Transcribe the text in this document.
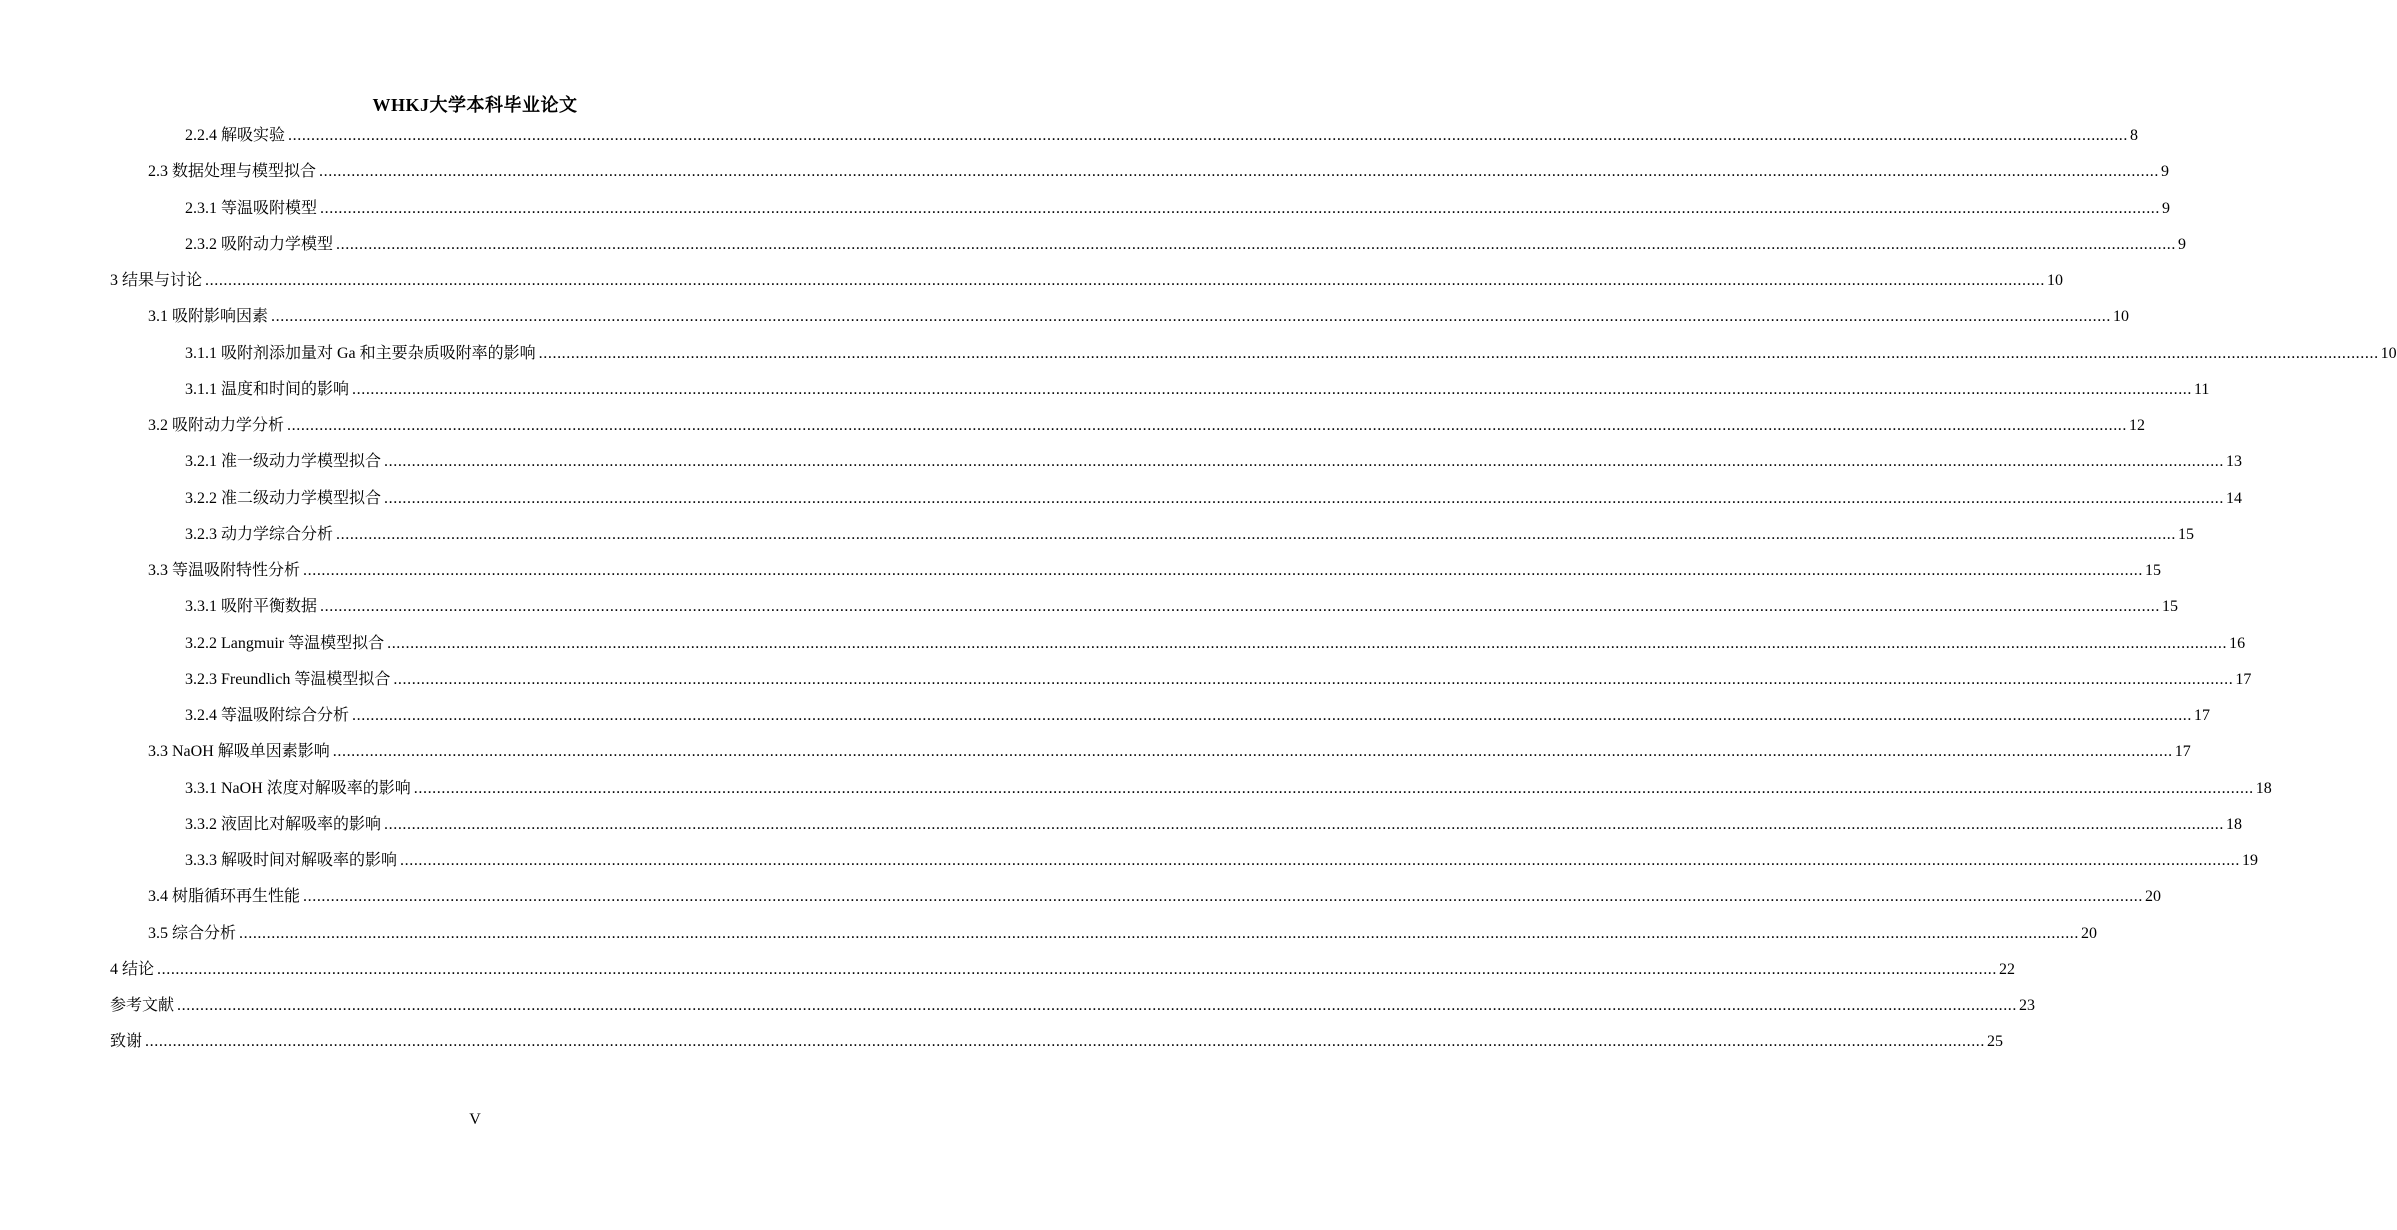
WHKJ大学本科毕业论文
2.2.4 解吸实验 ................................................................................................................................................................................................................................................................................................................................................................................................................ 8
2.3 数据处理与模型拟合 ................................................................................................................................................................................................................................................................................................................................................................................................................ 9
2.3.1 等温吸附模型 ................................................................................................................................................................................................................................................................................................................................................................................................................ 9
2.3.2 吸附动力学模型 ................................................................................................................................................................................................................................................................................................................................................................................................................ 9
3 结果与讨论 ................................................................................................................................................................................................................................................................................................................................................................................................................ 10
3.1 吸附影响因素 ................................................................................................................................................................................................................................................................................................................................................................................................................ 10
3.1.1 吸附剂添加量对 Ga 和主要杂质吸附率的影响 ................................................................................................................................................................................................................................................................................................................................................................................................................ 10
3.1.1 温度和时间的影响 ................................................................................................................................................................................................................................................................................................................................................................................................................ 11
3.2 吸附动力学分析 ................................................................................................................................................................................................................................................................................................................................................................................................................ 12
3.2.1 准一级动力学模型拟合 ................................................................................................................................................................................................................................................................................................................................................................................................................ 13
3.2.2 准二级动力学模型拟合 ................................................................................................................................................................................................................................................................................................................................................................................................................ 14
3.2.3 动力学综合分析 ................................................................................................................................................................................................................................................................................................................................................................................................................ 15
3.3 等温吸附特性分析 ................................................................................................................................................................................................................................................................................................................................................................................................................ 15
3.3.1 吸附平衡数据 ................................................................................................................................................................................................................................................................................................................................................................................................................ 15
3.2.2 Langmuir 等温模型拟合 ................................................................................................................................................................................................................................................................................................................................................................................................................ 16
3.2.3 Freundlich 等温模型拟合 ................................................................................................................................................................................................................................................................................................................................................................................................................ 17
3.2.4 等温吸附综合分析 ................................................................................................................................................................................................................................................................................................................................................................................................................ 17
3.3 NaOH 解吸单因素影响 ................................................................................................................................................................................................................................................................................................................................................................................................................ 17
3.3.1 NaOH 浓度对解吸率的影响 ................................................................................................................................................................................................................................................................................................................................................................................................................ 18
3.3.2 液固比对解吸率的影响 ................................................................................................................................................................................................................................................................................................................................................................................................................ 18
3.3.3 解吸时间对解吸率的影响 ................................................................................................................................................................................................................................................................................................................................................................................................................ 19
3.4 树脂循环再生性能 ................................................................................................................................................................................................................................................................................................................................................................................................................ 20
3.5 综合分析 ................................................................................................................................................................................................................................................................................................................................................................................................................ 20
4 结论 ................................................................................................................................................................................................................................................................................................................................................................................................................ 22
参考文献 ................................................................................................................................................................................................................................................................................................................................................................................................................ 23
致谢 ................................................................................................................................................................................................................................................................................................................................................................................................................ 25
V
